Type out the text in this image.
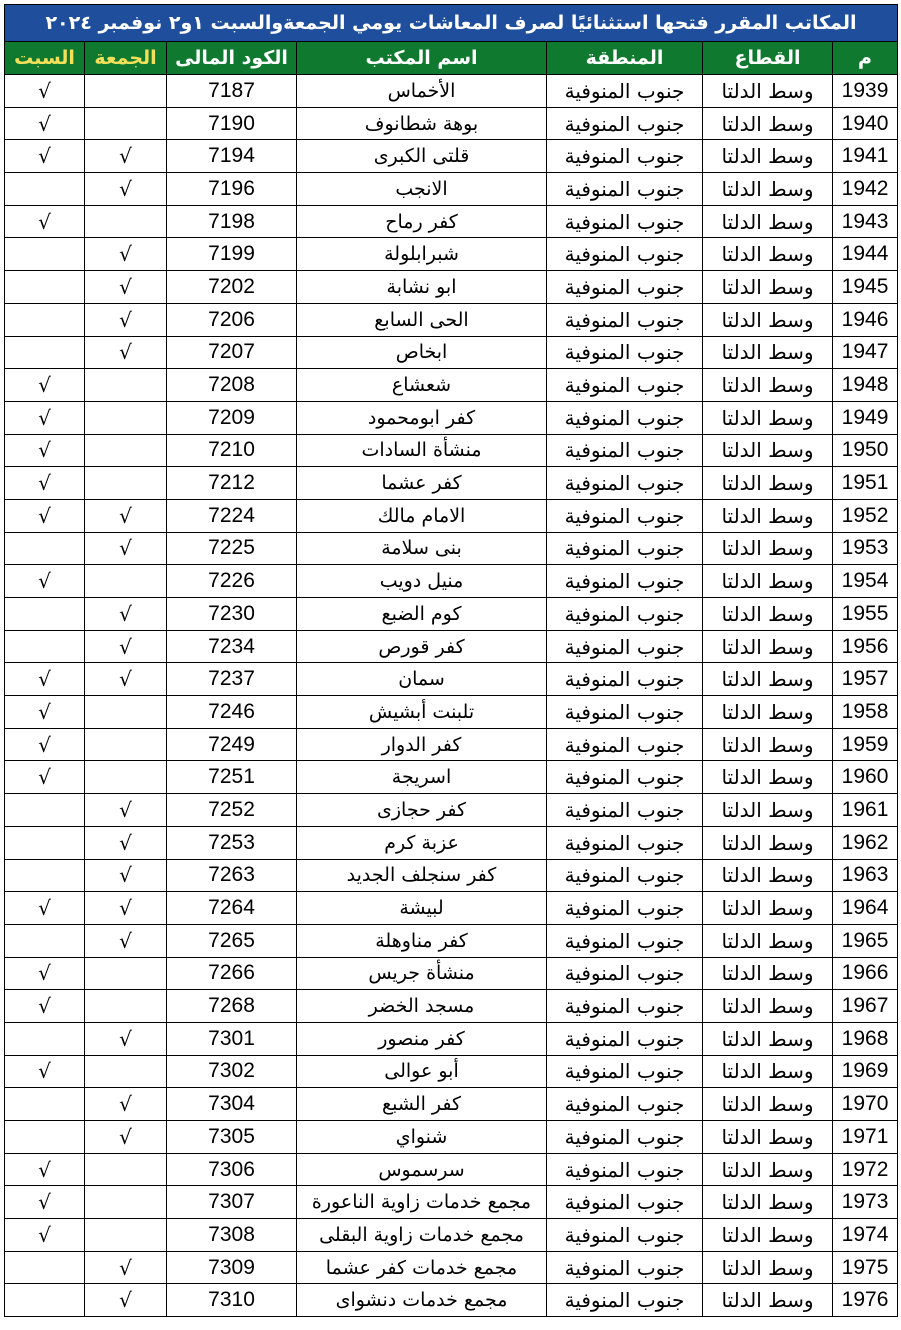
المكاتب المقرر فتحها استثنائيًا لصرف المعاشات يومي الجمعةوالسبت ١و٢ نوفمبر ٢٠٢٤						
م	القطاع	المنطقة	اسم المكتب	الكود المالى	الجمعة	السبت
1939	وسط الدلتا	جنوب المنوفية	الأخماس	7187		√
1940	وسط الدلتا	جنوب المنوفية	بوهة شطانوف	7190		√
1941	وسط الدلتا	جنوب المنوفية	قلتى الكبرى	7194	√	√
1942	وسط الدلتا	جنوب المنوفية	الانجب	7196	√	
1943	وسط الدلتا	جنوب المنوفية	كفر رماح	7198		√
1944	وسط الدلتا	جنوب المنوفية	شبرابلولة	7199	√	
1945	وسط الدلتا	جنوب المنوفية	ابو نشابة	7202	√	
1946	وسط الدلتا	جنوب المنوفية	الحى السابع	7206	√	
1947	وسط الدلتا	جنوب المنوفية	ابخاص	7207	√	
1948	وسط الدلتا	جنوب المنوفية	شعشاع	7208		√
1949	وسط الدلتا	جنوب المنوفية	كفر ابومحمود	7209		√
1950	وسط الدلتا	جنوب المنوفية	منشأة السادات	7210		√
1951	وسط الدلتا	جنوب المنوفية	كفر عشما	7212		√
1952	وسط الدلتا	جنوب المنوفية	الامام مالك	7224	√	√
1953	وسط الدلتا	جنوب المنوفية	بنى سلامة	7225	√	
1954	وسط الدلتا	جنوب المنوفية	منيل دويب	7226		√
1955	وسط الدلتا	جنوب المنوفية	كوم الضبع	7230	√	
1956	وسط الدلتا	جنوب المنوفية	كفر قورص	7234	√	
1957	وسط الدلتا	جنوب المنوفية	سمان	7237	√	√
1958	وسط الدلتا	جنوب المنوفية	تلبنت أبشيش	7246		√
1959	وسط الدلتا	جنوب المنوفية	كفر الدوار	7249		√
1960	وسط الدلتا	جنوب المنوفية	اسريجة	7251		√
1961	وسط الدلتا	جنوب المنوفية	كفر حجازى	7252	√	
1962	وسط الدلتا	جنوب المنوفية	عزبة كرم	7253	√	
1963	وسط الدلتا	جنوب المنوفية	كفر سنجلف الجديد	7263	√	
1964	وسط الدلتا	جنوب المنوفية	لبيشة	7264	√	√
1965	وسط الدلتا	جنوب المنوفية	كفر مناوهلة	7265	√	
1966	وسط الدلتا	جنوب المنوفية	منشأة جريس	7266		√
1967	وسط الدلتا	جنوب المنوفية	مسجد الخضر	7268		√
1968	وسط الدلتا	جنوب المنوفية	كفر منصور	7301	√	
1969	وسط الدلتا	جنوب المنوفية	أبو عوالى	7302		√
1970	وسط الدلتا	جنوب المنوفية	كفر الشبع	7304	√	
1971	وسط الدلتا	جنوب المنوفية	شنواي	7305	√	
1972	وسط الدلتا	جنوب المنوفية	سرسموس	7306		√
1973	وسط الدلتا	جنوب المنوفية	مجمع خدمات زاوية الناعورة	7307		√
1974	وسط الدلتا	جنوب المنوفية	مجمع خدمات زاوية البقلى	7308		√
1975	وسط الدلتا	جنوب المنوفية	مجمع خدمات كفر عشما	7309	√	
1976	وسط الدلتا	جنوب المنوفية	مجمع خدمات دنشواى	7310	√	
